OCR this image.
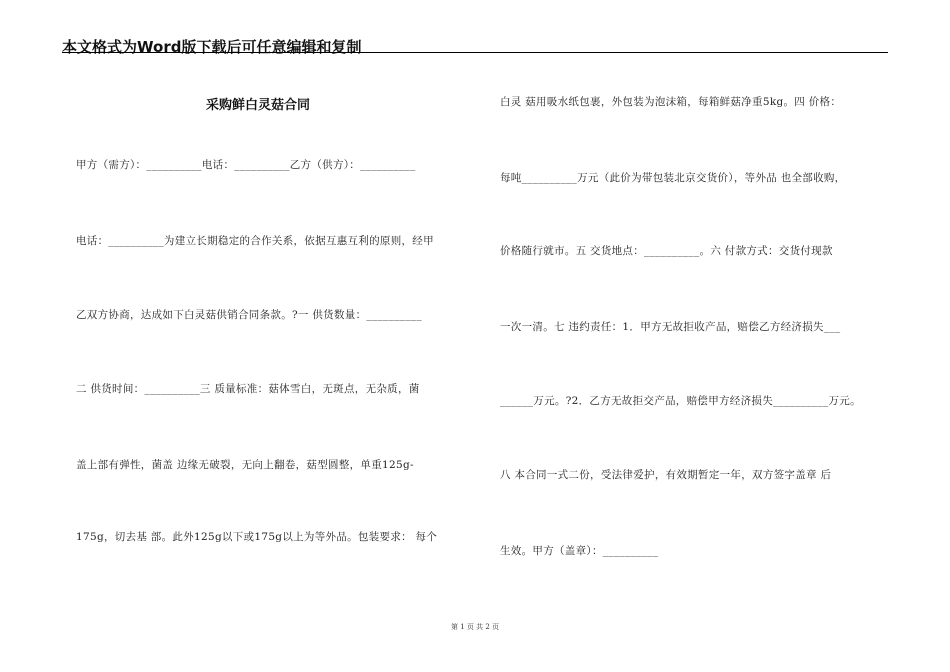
本文格式为Word版下载后可任意编辑和复制
采购鲜白灵菇合同
甲方（需方）：__________电话：__________乙方（供方）：__________
电话：__________为建立长期稳定的合作关系，依据互惠互利的原则，经甲
乙双方协商，达成如下白灵菇供销合同条款。?一 供货数量：__________
二 供货时间：__________三 质量标准：菇体雪白，无斑点，无杂质，菌
盖上部有弹性，菌盖 边缘无破裂，无向上翻卷，菇型圆整，单重125g-
175g，切去基 部。此外125g以下或175g以上为等外品。包装要求： 每个
白灵 菇用吸水纸包裹，外包装为泡沫箱，每箱鲜菇净重5kg。四 价格：
每吨__________万元（此价为带包装北京交货价），等外品 也全部收购，
价格随行就市。五 交货地点：__________。六 付款方式：交货付现款
一次一清。七 违约责任：1．甲方无故拒收产品，赔偿乙方经济损失___
______万元。?2．乙方无故拒交产品，赔偿甲方经济损失__________万元。
八 本合同一式二份，受法律爱护，有效期暂定一年，双方签字盖章 后
生效。甲方（盖章）：__________
第 1 页 共 2 页
